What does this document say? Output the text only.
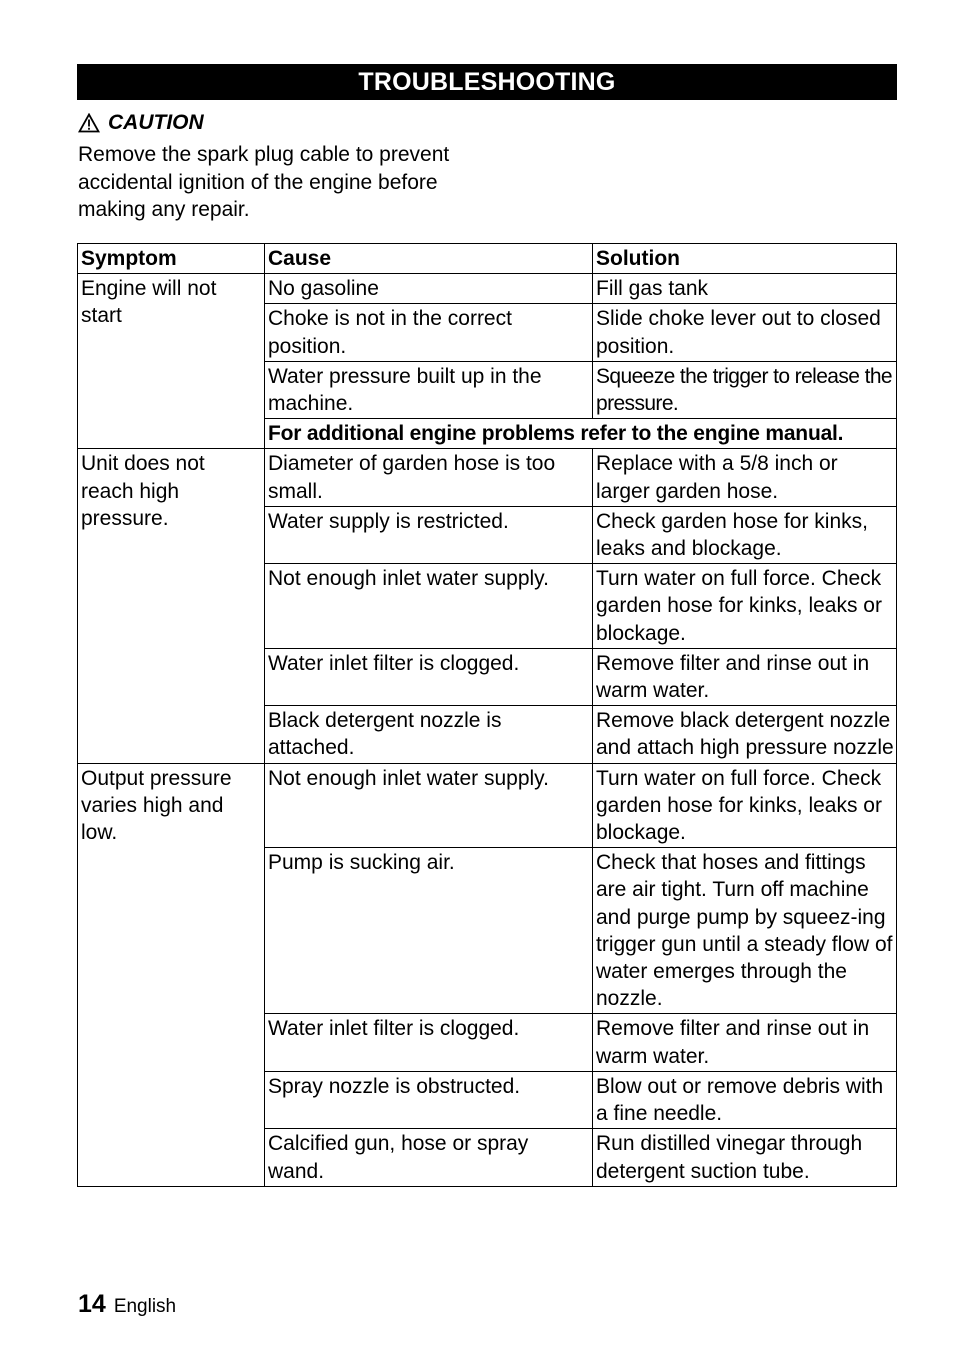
TROUBLESHOOTING
CAUTION
Remove the spark plug cable to prevent accidental ignition of the engine before making any repair.
Symptom	Cause	Solution
Engine will not start	No gasoline	Fill gas tank
	Choke is not in the correct position.	Slide choke lever out to closed position.
	Water pressure built up in the machine.	Squeeze the trigger to release the pressure.
	For additional engine problems refer to the engine manual.	
Unit does not reach high pressure.	Diameter of garden hose is too small.	Replace with a 5/8 inch or larger garden hose.
	Water supply is restricted.	Check garden hose for kinks, leaks and blockage.
	Not enough inlet water supply.	Turn water on full force. Check garden hose for kinks, leaks or blockage.
	Water inlet filter is clogged.	Remove filter and rinse out in warm water.
	Black detergent nozzle is attached.	Remove black detergent nozzle and attach high pressure nozzle
Output pressure varies high and low.	Not enough inlet water supply.	Turn water on full force. Check garden hose for kinks, leaks or blockage.
	Pump is sucking air.	Check that hoses and fittings are air tight. Turn off machine and purge pump by squeez-ing trigger gun until a steady flow of water emerges through the nozzle.
	Water inlet filter is clogged.	Remove filter and rinse out in warm water.
	Spray nozzle is obstructed.	Blow out or remove debris with a fine needle.
	Calcified gun, hose or spray wand.	Run distilled vinegar through detergent suction tube.
14 English
